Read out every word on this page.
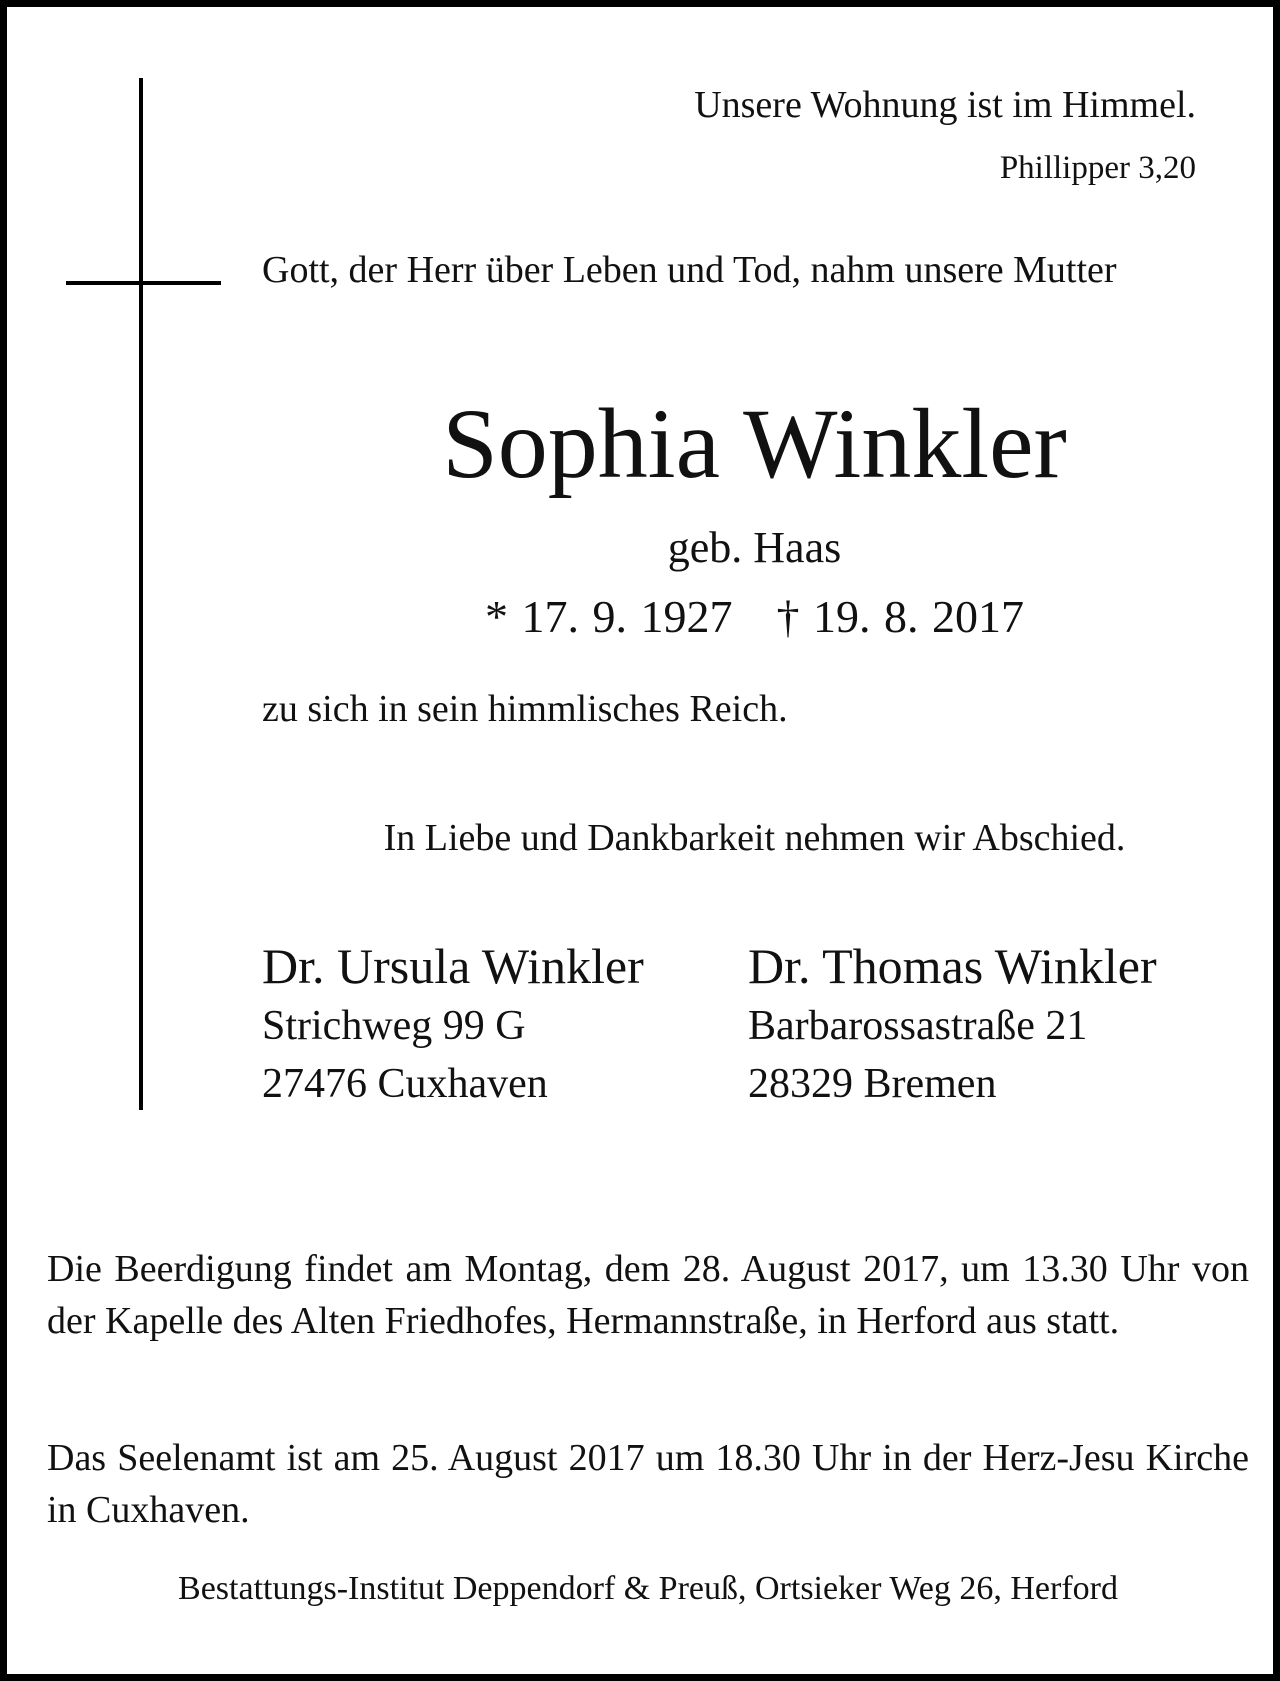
Unsere Wohnung ist im Himmel.
Phillipper 3,20
Gott, der Herr über Leben und Tod, nahm unsere Mutter
Sophia Winkler
geb. Haas
* 17. 9. 1927 † 19. 8. 2017
zu sich in sein himmlisches Reich.
In Liebe und Dankbarkeit nehmen wir Abschied.
Dr. Ursula Winkler
Strichweg 99 G
27476 Cuxhaven
Dr. Thomas Winkler
Barbarossastraße 21
28329 Bremen
Die Beerdigung findet am Montag, dem 28. August 2017, um 13.30 Uhr von der Kapelle des Alten Friedhofes, Hermannstraße, in Herford aus statt.
Das Seelenamt ist am 25. August 2017 um 18.30 Uhr in der Herz-Jesu Kirche in Cuxhaven.
Bestattungs-Institut Deppendorf & Preuß, Ortsieker Weg 26, Herford
